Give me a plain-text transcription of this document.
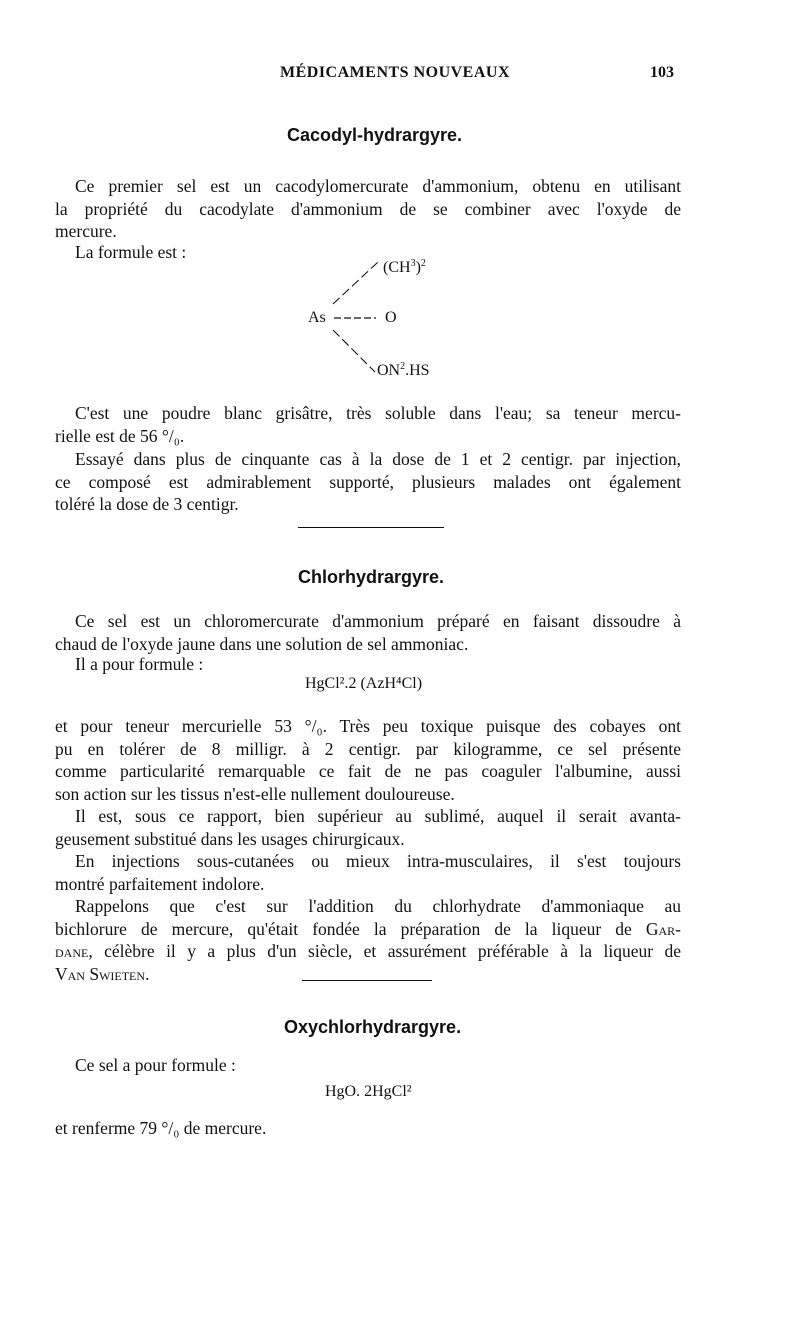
MÉDICAMENTS NOUVEAUX	103
Cacodyl-hydrargyre.
Ce premier sel est un cacodylomercurate d'ammonium, obtenu en utilisant
la propriété du cacodylate d'ammonium de se combiner avec l'oxyde de
mercure.
La formule est :
$(CH^3)^2$
As	O
$ON^2.HS$
C'est une poudre blanc grisâtre, très soluble dans l'eau; sa teneur mercu-
rielle est de 56 °/₀.
Essayé dans plus de cinquante cas à la dose de 1 et 2 centigr. par injection,
ce composé est admirablement supporté, plusieurs malades ont également
toléré la dose de 3 centigr.
Chlorhydrargyre.
Ce sel est un chloromercurate d'ammonium préparé en faisant dissoudre à
chaud de l'oxyde jaune dans une solution de sel ammoniac.
Il a pour formule :
HgCl².2 (AzH⁴Cl)
et pour teneur mercurielle 53 °/₀. Très peu toxique puisque des cobayes ont
pu en tolérer de 8 milligr. à 2 centigr. par kilogramme, ce sel présente
comme particularité remarquable ce fait de ne pas coaguler l'albumine, aussi
son action sur les tissus n'est-elle nullement douloureuse.
Il est, sous ce rapport, bien supérieur au sublimé, auquel il serait avanta-
geusement substitué dans les usages chirurgicaux.
En injections sous-cutanées ou mieux intra-musculaires, il s'est toujours
montré parfaitement indolore.
Rappelons que c'est sur l'addition du chlorhydrate d'ammoniaque au
bichlorure de mercure, qu'était fondée la préparation de la liqueur de Gar-
dane, célèbre il y a plus d'un siècle, et assurément préférable à la liqueur de
Van Swieten.
Oxychlorhydrargyre.
Ce sel a pour formule :
HgO. 2HgCl²
et renferme 79 °/₀ de mercure.
